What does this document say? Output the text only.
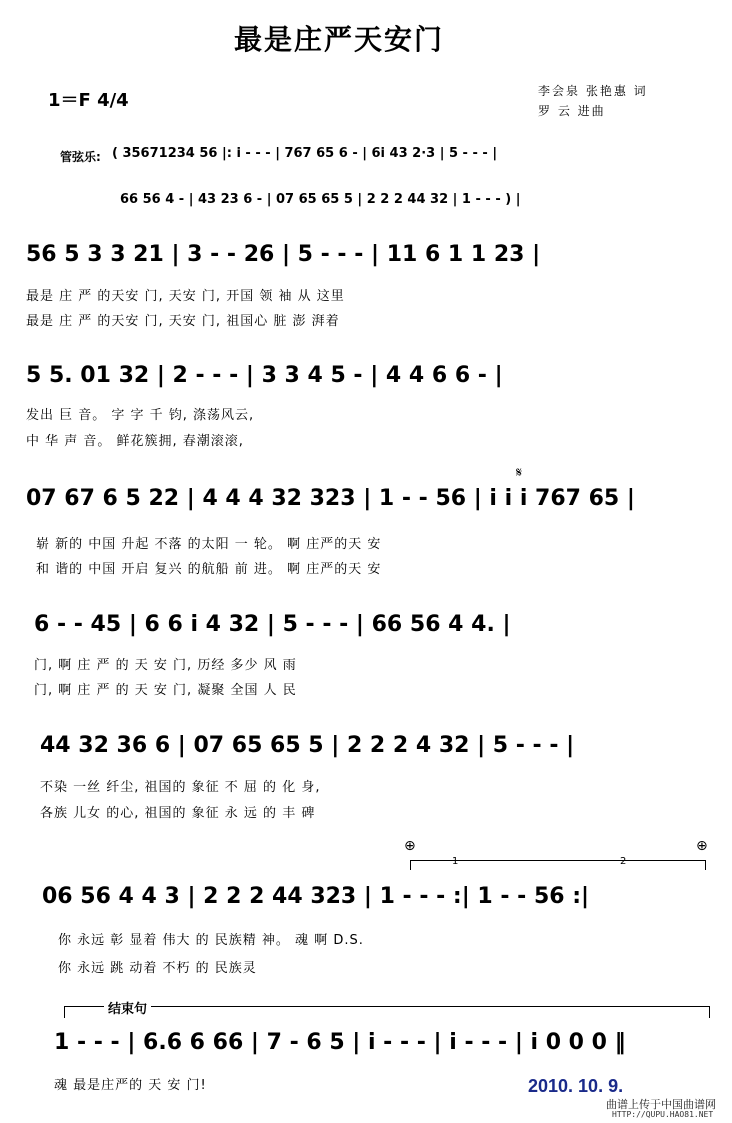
最是庄严天安门
1＝F 4/4	李会泉 张艳惠 词
罗 云 进曲
管弦乐: ( 35671234 56 |: i - - - | 767 65 6 - | 6i 43 2·3 | 5 - - - |
66 56 4 - | 43 23 6 - | 07 65 65 5 | 2 2 2 44 32 | 1 - - - ) |
56 5 3 3 21 | 3 - - 26 | 5 - - - | 11 6 1 1 23 |
最是 庄 严 的天安 门, 天安 门, 开国 领 袖 从 这里
最是 庄 严 的天安 门, 天安 门, 祖国心 脏 澎 湃着
5 5. 01 32 | 2 - - - | 3 3 4 5 - | 4 4 6 6 - |
发出 巨 音。 字 字 千 钧, 涤荡风云,
中 华 声 音。 鲜花簇拥, 春潮滚滚,
𝄋
07 67 6 5 22 | 4 4 4 32 323 | 1 - - 56 | i i i 767 65 |
崭 新的 中国 升起 不落 的太阳 一 轮。 啊 庄严的天 安
和 谐的 中国 开启 复兴 的航船 前 进。 啊 庄严的天 安
6 - - 45 | 6 6 i 4 32 | 5 - - - | 66 56 4 4. |
门, 啊 庄 严 的 天 安 门, 历经 多少 风 雨
门, 啊 庄 严 的 天 安 门, 凝聚 全国 人 民
44 32 36 6 | 07 65 65 5 | 2 2 2 4 32 | 5 - - - |
不染 一丝 纤尘, 祖国的 象征 不 屈 的 化 身,
各族 儿女 的心, 祖国的 象征 永 远 的 丰 碑
⊕	⊕
1	2
06 56 4 4 3 | 2 2 2 44 323 | 1 - - - :| 1 - - 56 :|
你 永远 彰 显着 伟大 的 民族精 神。 魂 啊 D.S.
你 永远 跳 动着 不朽 的 民族灵
结束句
1 - - - | 6.6 6 66 | 7 - 6 5 | i - - - | i - - - | i 0 0 0 ‖
魂 最是庄严的 天 安 门!	2010. 10. 9.
曲谱上传于中国曲谱网
HTTP://QUPU.HAO81.NET
